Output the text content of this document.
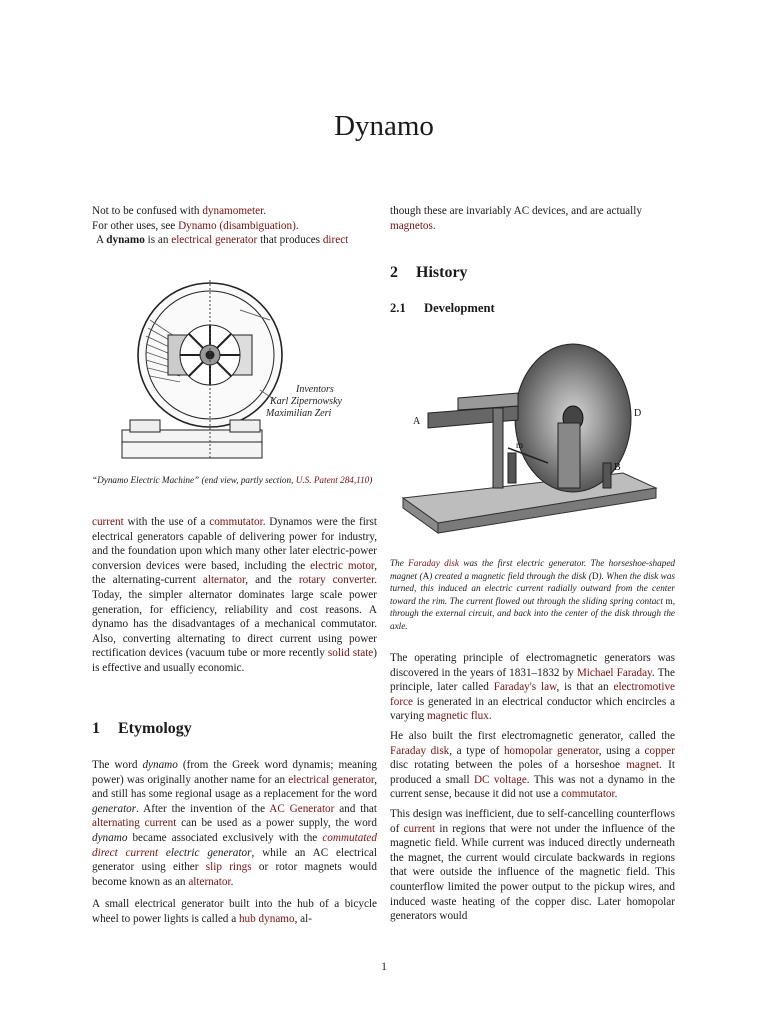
Dynamo

Not to be confused with dynamometer.

For other uses, see Dynamo (disambiguation).

A dynamo is an electrical generator that produces direct

Inventors
Karl Zipernowsky
Maximilian Zeri
“Dynamo Electric Machine” (end view, partly section, U.S. Patent 284,110)

current with the use of a commutator. Dynamos were the first electrical generators capable of delivering power for industry, and the foundation upon which many other later electric-power conversion devices were based, including the electric motor, the alternating-current alternator, and the rotary converter. Today, the simpler alternator dominates large scale power generation, for efficiency, reliability and cost reasons. A dynamo has the disadvantages of a mechanical commutator. Also, converting alternating to direct current using power rectification devices (vacuum tube or more recently solid state) is effective and usually economic.

1 Etymology

The word dynamo (from the Greek word dynamis; meaning power) was originally another name for an electrical generator, and still has some regional usage as a replacement for the word generator. After the invention of the AC Generator and that alternating current can be used as a power supply, the word dynamo became associated exclusively with the commutated direct current electric generator, while an AC electrical generator using either slip rings or rotor magnets would become known as an alternator.

A small electrical generator built into the hub of a bicycle wheel to power lights is called a hub dynamo, al-

though these are invariably AC devices, and are actually magnetos.

2 History
2.1 Development
A
D
B
m
The Faraday disk was the first electric generator. The horseshoe-shaped magnet (A) created a magnetic field through the disk (D). When the disk was turned, this induced an electric current radially outward from the center toward the rim. The current flowed out through the sliding spring contact m, through the external circuit, and back into the center of the disk through the axle.

The operating principle of electromagnetic generators was discovered in the years of 1831–1832 by Michael Faraday. The principle, later called Faraday's law, is that an electromotive force is generated in an electrical conductor which encircles a varying magnetic flux.

He also built the first electromagnetic generator, called the Faraday disk, a type of homopolar generator, using a copper disc rotating between the poles of a horseshoe magnet. It produced a small DC voltage. This was not a dynamo in the current sense, because it did not use a commutator.

This design was inefficient, due to self-cancelling counterflows of current in regions that were not under the influence of the magnetic field. While current was induced directly underneath the magnet, the current would circulate backwards in regions that were outside the influence of the magnetic field. This counterflow limited the power output to the pickup wires, and induced waste heating of the copper disc. Later homopolar generators would

1
